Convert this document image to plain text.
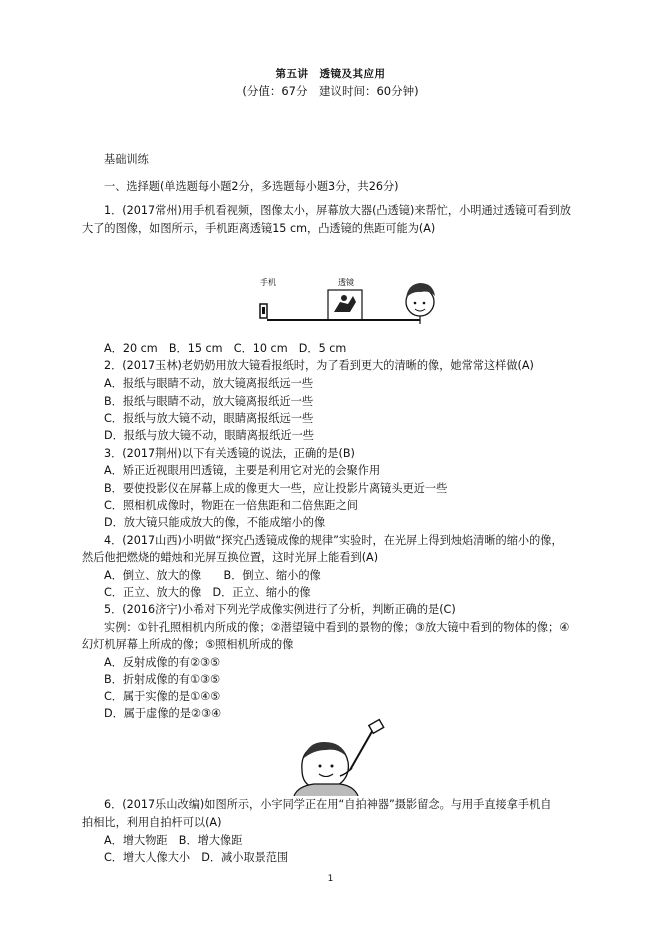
第五讲　透镜及其应用
(分值：67分　建议时间：60分钟)
基础训练
一、选择题(单选题每小题2分，多选题每小题3分，共26分)
1．(2017常州)用手机看视频，图像太小，屏幕放大器(凸透镜)来帮忙，小明通过透镜可看到放
大了的图像，如图所示，手机距离透镜15 cm，凸透镜的焦距可能为(A)
手机	透镜
A．20 cm　B．15 cm　C．10 cm　D．5 cm
2．(2017玉林)老奶奶用放大镜看报纸时，为了看到更大的清晰的像，她常常这样做(A)
A．报纸与眼睛不动，放大镜离报纸远一些
B．报纸与眼睛不动，放大镜离报纸近一些
C．报纸与放大镜不动，眼睛离报纸远一些
D．报纸与放大镜不动，眼睛离报纸近一些
3．(2017荆州)以下有关透镜的说法，正确的是(B)
A．矫正近视眼用凹透镜，主要是利用它对光的会聚作用
B．要使投影仪在屏幕上成的像更大一些，应让投影片离镜头更近一些
C．照相机成像时，物距在一倍焦距和二倍焦距之间
D．放大镜只能成放大的像，不能成缩小的像
4．(2017山西)小明做“探究凸透镜成像的规律”实验时，在光屏上得到烛焰清晰的缩小的像，
然后他把燃烧的蜡烛和光屏互换位置，这时光屏上能看到(A)
A．倒立、放大的像　　B．倒立、缩小的像
C．正立、放大的像　D．正立、缩小的像
5．(2016济宁)小希对下列光学成像实例进行了分析，判断正确的是(C)
实例：①针孔照相机内所成的像；②潜望镜中看到的景物的像；③放大镜中看到的物体的像；④
幻灯机屏幕上所成的像；⑤照相机所成的像
A．反射成像的有②③⑤
B．折射成像的有①③⑤
C．属于实像的是①④⑤
D．属于虚像的是②③④
6．(2017乐山改编)如图所示，小宇同学正在用“自拍神器”摄影留念。与用手直接拿手机自
拍相比，利用自拍杆可以(A)
A．增大物距　B．增大像距
C．增大人像大小　D．减小取景范围
1
